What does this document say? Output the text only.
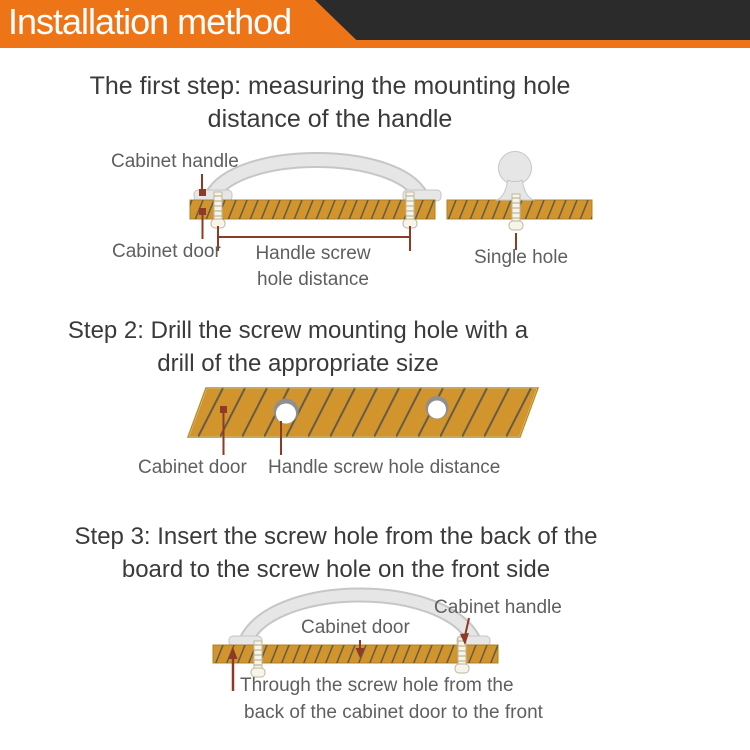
Installation method
The first step: measuring the mounting hole
distance of the handle
Cabinet handle
Cabinet door	Handle screw
hole distance
Single hole
Step 2: Drill the screw mounting hole with a
drill of the appropriate size
Cabinet door Handle screw hole distance
Step 3: Insert the screw hole from the back of the
board to the screw hole on the front side
Cabinet handle
Cabinet door
Through the screw hole from the
back of the cabinet door to the front
